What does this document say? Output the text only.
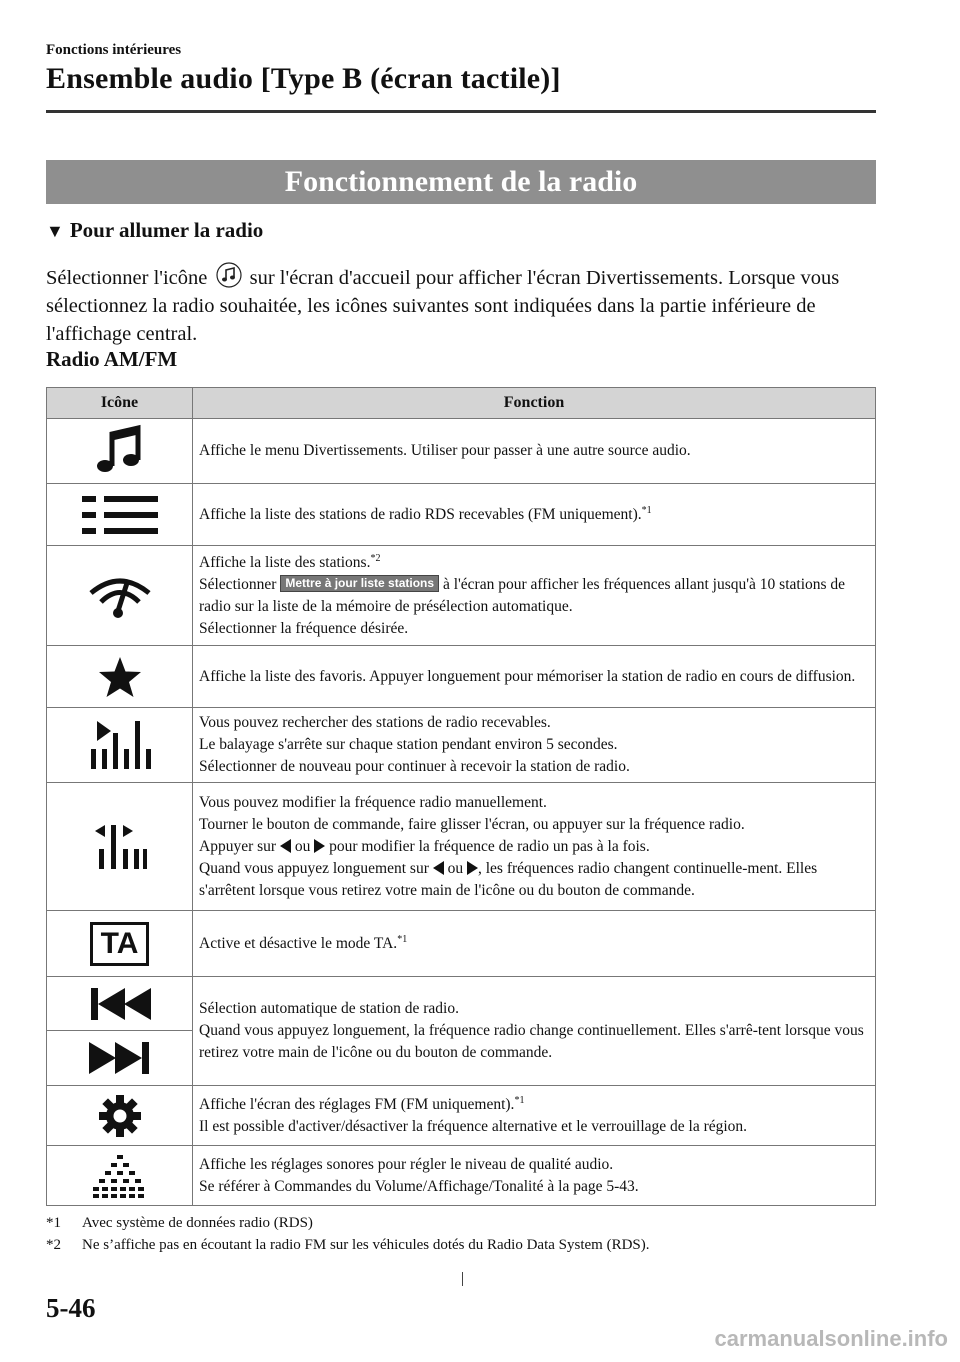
Fonctions intérieures
Ensemble audio [Type B (écran tactile)]
Fonctionnement de la radio
▼ Pour allumer la radio
Sélectionner l'icône sur l'écran d'accueil pour afficher l'écran Divertissements. Lorsque vous sélectionnez la radio souhaitée, les icônes suivantes sont indiquées dans la partie inférieure de l'affichage central.
Radio AM/FM
Icône	Fonction

	Affiche le menu Divertissements. Utiliser pour passer à une autre source audio.

	Affiche la liste des stations de radio RDS recevables (FM uniquement).$^{*1}$

Affiche la liste des stations.$^{*2}$
Sélectionner Mettre à jour liste stations à l'écran pour afficher les fréquences allant jusqu'à 10 stations de radio sur la liste de la mémoire de présélection automatique.
Sélectionner la fréquence désirée.

	Affiche la liste des favoris. Appuyer longuement pour mémoriser la station de radio en cours de diffusion.

Vous pouvez rechercher des stations de radio recevables.
Le balayage s'arrête sur chaque station pendant environ 5 secondes.
Sélectionner de nouveau pour continuer à recevoir la station de radio.

Vous pouvez modifier la fréquence radio manuellement.
Tourner le bouton de commande, faire glisser l'écran, ou appuyer sur la fréquence radio.
Appuyer sur ou pour modifier la fréquence de radio un pas à la fois.
Quand vous appuyez longuement sur ou , les fréquences radio changent continuelle-ment. Elles s'arrêtent lorsque vous retirez votre main de l'icône ou du bouton de commande.

TA	Active et désactive le mode TA.$^{*1}$

Sélection automatique de station de radio.
Quand vous appuyez longuement, la fréquence radio change continuellement. Elles s'arrê-tent lorsque vous retirez votre main de l'icône ou du bouton de commande.

Affiche l'écran des réglages FM (FM uniquement).$^{*1}$
Il est possible d'activer/désactiver la fréquence alternative et le verrouillage de la région.

Affiche les réglages sonores pour régler le niveau de qualité audio.
Se référer à Commandes du Volume/Affichage/Tonalité à la page 5-43.
*1 Avec système de données radio (RDS)
*2 Ne s’affiche pas en écoutant la radio FM sur les véhicules dotés du Radio Data System (RDS).
5-46
carmanualsonline.info
